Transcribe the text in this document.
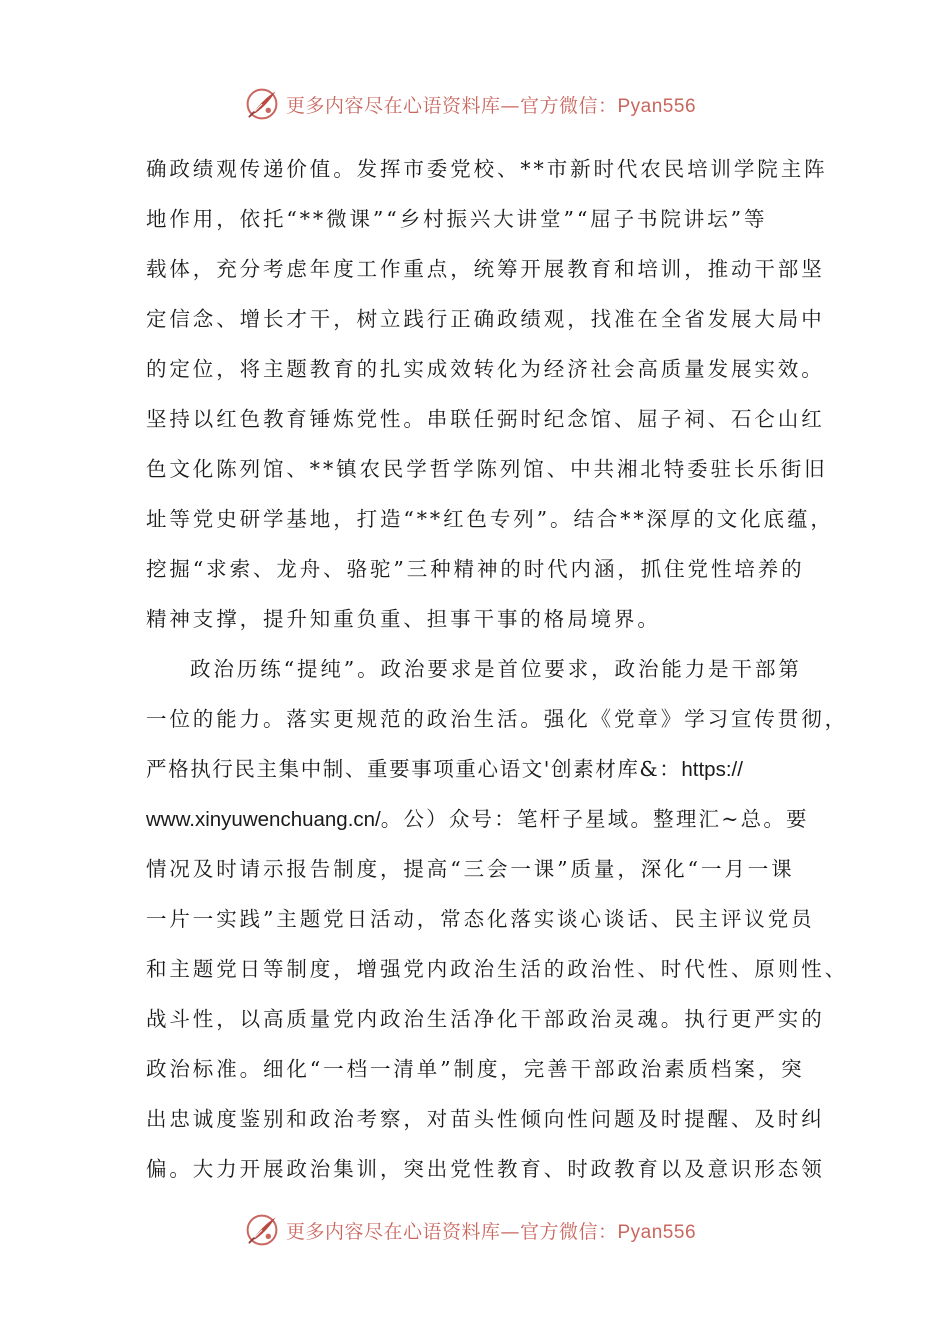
更多内容尽在心语资料库—官方微信：Pyan556
确政绩观传递价值。发挥市委党校、**市新时代农民培训学院主阵
地作用，依托“**微课”“乡村振兴大讲堂”“屈子书院讲坛”等
载体，充分考虑年度工作重点，统筹开展教育和培训，推动干部坚
定信念、增长才干，树立践行正确政绩观，找准在全省发展大局中
的定位，将主题教育的扎实成效转化为经济社会高质量发展实效。
坚持以红色教育锤炼党性。串联任弼时纪念馆、屈子祠、石仑山红
色文化陈列馆、**镇农民学哲学陈列馆、中共湘北特委驻长乐街旧
址等党史研学基地，打造“**红色专列”。结合**深厚的文化底蕴，
挖掘“求索、龙舟、骆驼”三种精神的时代内涵，抓住党性培养的
精神支撑，提升知重负重、担事干事的格局境界。
政治历练“提纯”。政治要求是首位要求，政治能力是干部第
一位的能力。落实更规范的政治生活。强化《党章》学习宣传贯彻，
严格执行民主集中制、重要事项重心语文'创素材库&：https://
www.xinyuwenchuang.cn/。公）众号：笔杆子星域。整理汇~总。要
情况及时请示报告制度，提高“三会一课”质量，深化“一月一课
一片一实践”主题党日活动，常态化落实谈心谈话、民主评议党员
和主题党日等制度，增强党内政治生活的政治性、时代性、原则性、
战斗性，以高质量党内政治生活净化干部政治灵魂。执行更严实的
政治标准。细化“一档一清单”制度，完善干部政治素质档案，突
出忠诚度鉴别和政治考察，对苗头性倾向性问题及时提醒、及时纠
偏。大力开展政治集训，突出党性教育、时政教育以及意识形态领
更多内容尽在心语资料库—官方微信：Pyan556
